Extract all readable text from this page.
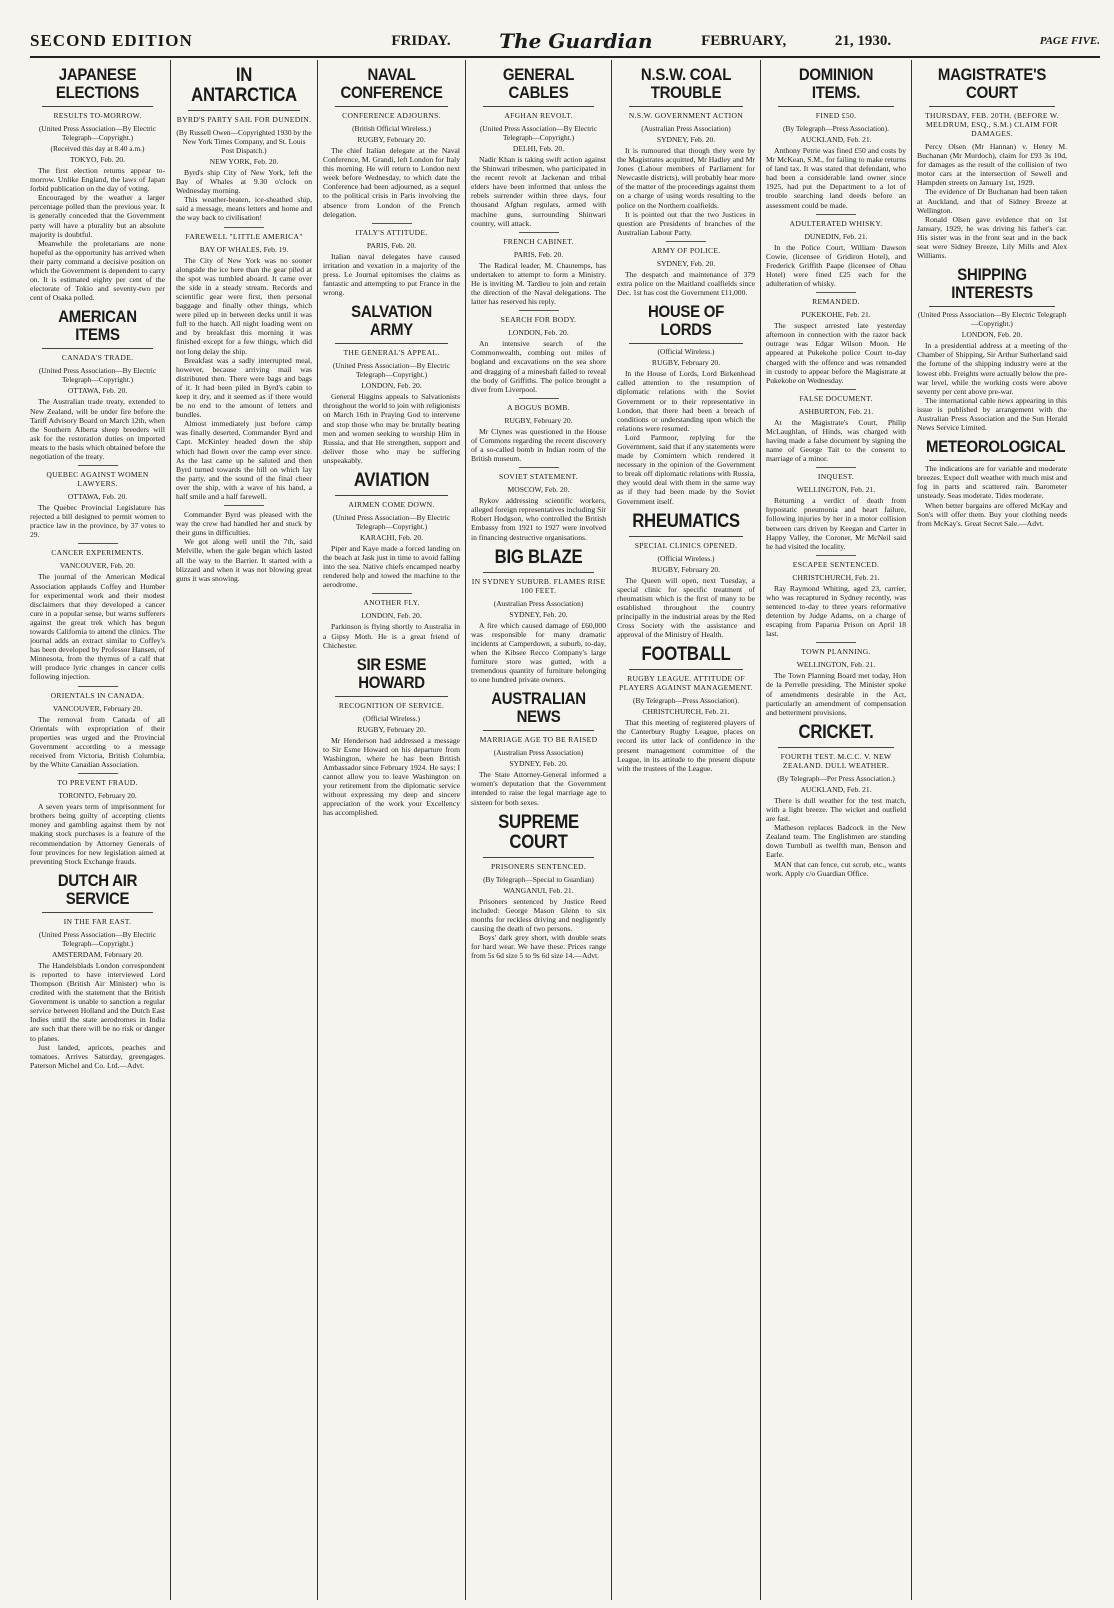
SECOND EDITION	FRIDAY. The Guardian	FEBRUARY,	21, 1930.	PAGE FIVE.
JAPANESE ELECTIONS
RESULTS TO-MORROW.
(United Press Association—By Electric Telegraph—Copyright.)
(Received this day at 8.40 a.m.)
TOKYO, Feb. 20.

The first election returns appear to-morrow. Unlike England, the laws of Japan forbid publication on the day of voting.

Encouraged by the weather a larger percentage polled than the previous year. It is generally conceded that the Government party will have a plurality but an absolute majority is doubtful.

Meanwhile the proletarians are none hopeful as the opportunity has arrived when their party command a decisive position on which the Government is dependent to carry on. It is estimated eighty per cent of the electorate of Tokio and seventy-two per cent of Osaka polled.

AMERICAN ITEMS
CANADA'S TRADE.
(United Press Association—By Electric Telegraph—Copyright.)
OTTAWA, Feb. 20.

The Australian trade treaty, extended to New Zealand, will be under fire before the Tariff Advisory Board on March 12th, when the Southern Alberta sheep breeders will ask for the restoration duties on imported meats to the basis which obtained before the negotiation of the treaty.

QUEBEC AGAINST WOMEN LAWYERS.
OTTAWA, Feb. 20.

The Quebec Provincial Legislature has rejected a bill designed to permit women to practice law in the province, by 37 votes to 29.

CANCER EXPERIMENTS.
VANCOUVER, Feb. 20.

The journal of the American Medical Association applauds Coffey and Humber for experimental work and their modest disclaimers that they developed a cancer cure in a popular sense, but warns sufferers against the great trek which has begun towards California to attend the clinics. The journal adds an extract similar to Coffey's has been developed by Professor Hansen, of Minnesota, from the thymus of a calf that will produce lyric changes in cancer cells following injection.

ORIENTALS IN CANADA.
VANCOUVER, February 20.

The removal from Canada of all Orientals with expropriation of their properties was urged and the Provincial Government according to a message received from Victoria, British Columbia, by the White Canadian Association.

TO PREVENT FRAUD.
TORONTO, February 20.

A seven years term of imprisonment for brothers being guilty of accepting clients money and gambling against them by not making stock purchases is a feature of the recommendation by Attorney Generals of four provinces for new legislation aimed at preventing Stock Exchange frauds.

DUTCH AIR SERVICE
IN THE FAR EAST.
(United Press Association—By Electric Telegraph—Copyright.)
AMSTERDAM, February 20.

The Handelsblads London correspondent is reported to have interviewed Lord Thompson (British Air Minister) who is credited with the statement that the British Government is unable to sanction a regular service between Holland and the Dutch East Indies until the state aerodromes in India are such that there will be no risk or danger to planes.

Just landed, apricots, peaches and tomatoes. Arrives Saturday, greengages. Paterson Michel and Co. Ltd.—Advt.

IN ANTARCTICA
BYRD'S PARTY SAIL FOR DUNEDIN.
(By Russell Owen—Copyrighted 1930 by the New York Times Company, and St. Louis Post Dispatch.)
NEW YORK, Feb. 20.

Byrd's ship City of New York, left the Bay of Whales at 9.30 o'clock on Wednesday morning.

This weather-beaten, ice-sheathed ship, said a message, means letters and home and the way back to civilisation!

FAREWELL "LITTLE AMERICA"
BAY OF WHALES, Feb. 19.

The City of New York was no sooner alongside the ice here than the gear piled at the spot was tumbled aboard. It came over the side in a steady stream. Records and scientific gear were first, then personal baggage and finally other things, which were piled up in between decks until it was full to the hatch. All night loading went on and by breakfast this morning it was finished except for a few things, which did not long delay the ship.

Breakfast was a sadly interrupted meal, however, because arriving mail was distributed then. There were bags and bags of it. It had been piled in Byrd's cabin to keep it dry, and it seemed as if there would be no end to the amount of letters and bundles.

Almost immediately just before camp was finally deserted, Commander Byrd and Capt. McKinley headed down the ship which had flown over the camp ever since. As the last came up he saluted and then Byrd turned towards the hill on which lay the party, and the sound of the final cheer over the ship, with a wave of his hand, a half smile and a half farewell.

Commander Byrd was pleased with the way the crew had handled her and stuck by their guns in difficulties.

We got along well until the 7th, said Melville, when the gale began which lasted all the way to the Barrier. It started with a blizzard and when it was not blowing great guns it was snowing.

NAVAL CONFERENCE
CONFERENCE ADJOURNS.
(British Official Wireless.)
RUGBY, February 20.

The chief Italian delegate at the Naval Conference, M. Grandi, left London for Italy this morning. He will return to London next week before Wednesday, to which date the Conference had been adjourned, as a sequel to the political crisis in Paris involving the absence from London of the French delegation.

ITALY'S ATTITUDE.
PARIS, Feb. 20.

Italian naval delegates have caused irritation and vexation in a majority of the press. Le Journal epitomises the claims as fantastic and attempting to put France in the wrong.

SALVATION ARMY
THE GENERAL'S APPEAL.
(United Press Association—By Electric Telegraph—Copyright.)
LONDON, Feb. 20.

General Higgins appeals to Salvationists throughout the world to join with religionists on March 16th in Praying God to intervene and stop those who may be brutally beating men and women seeking to worship Him in Russia, and that He strengthen, support and deliver those who may be suffering unspeakably.

AVIATION
AIRMEN COME DOWN.
(United Press Association—By Electric Telegraph—Copyright.)
KARACHI, Feb. 20.

Piper and Kaye made a forced landing on the beach at Jask just in time to avoid falling into the sea. Native chiefs encamped nearby rendered help and towed the machine to the aerodrome.

ANOTHER FLY.
LONDON, Feb. 20.

Parkinson is flying shortly to Australia in a Gipsy Moth. He is a great friend of Chichester.

SIR ESME HOWARD
RECOGNITION OF SERVICE.
(Official Wireless.)
RUGBY, February 20.

Mr Henderson had addressed a message to Sir Esme Howard on his departure from Washington, where he has been British Ambassador since February 1924. He says: I cannot allow you to leave Washington on your retirement from the diplomatic service without expressing my deep and sincere appreciation of the work your Excellency has accomplished.

GENERAL CABLES
AFGHAN REVOLT.
(United Press Association—By Electric Telegraph—Copyright.)
DELHI, Feb. 20.

Nadir Khan is taking swift action against the Shinwari tribesmen, who participated in the recent revolt at Jackenan and tribal elders have been informed that unless the rebels surrender within three days, four thousand Afghan regulars, armed with machine guns, surrounding Shinwari country, will attack.

FRENCH CABINET.
PARIS, Feb. 20.

The Radical leader, M. Chautemps, has undertaken to attempt to form a Ministry. He is inviting M. Tardieu to join and retain the direction of the Naval delegations. The latter has reserved his reply.

SEARCH FOR BODY.
LONDON, Feb. 20.

An intensive search of the Commonwealth, combing out miles of bogland and excavations on the sea shore and dragging of a mineshaft failed to reveal the body of Griffiths. The police brought a diver from Liverpool.

A BOGUS BOMB.
RUGBY, February 20.

Mr Clynes was questioned in the House of Commons regarding the recent discovery of a so-called bomb in Indian room of the British museum.

SOVIET STATEMENT.
MOSCOW, Feb. 20.

Rykov addressing scientific workers, alleged foreign representatives including Sir Robert Hodgson, who controlled the British Embassy from 1921 to 1927 were involved in financing destructive organisations.

BIG BLAZE
IN SYDNEY SUBURB. FLAMES RISE 100 FEET.
(Australian Press Association)
SYDNEY, Feb. 20.

A fire which caused damage of £60,000 was responsible for many dramatic incidents at Camperdown, a suburb, to-day, when the Kibsee Recco Company's large furniture store was gutted, with a tremendous quantity of furniture belonging to one hundred private owners.

AUSTRALIAN NEWS
MARRIAGE AGE TO BE RAISED
(Australian Press Association)
SYDNEY, Feb. 20.

The State Attorney-General informed a women's deputation that the Government intended to raise the legal marriage age to sixteen for both sexes.

SUPREME COURT
PRISONERS SENTENCED.
(By Telegraph—Special to Guardian)
WANGANUI, Feb. 21.

Prisoners sentenced by Justice Reed included: George Mason Glenn to six months for reckless driving and negligently causing the death of two persons.

Boys' dark grey short, with double seats for hard wear. We have these. Prices range from 5s 6d size 5 to 9s 6d size 14.—Advt.

N.S.W. COAL TROUBLE
N.S.W. GOVERNMENT ACTION
(Australian Press Association)
SYDNEY, Feb. 20.

It is rumoured that though they were by the Magistrates acquitted, Mr Hadley and Mr Jones (Labour members of Parliament for Newcastle districts), will probably hear more of the matter of the proceedings against them on a charge of using words resulting to the police on the Northern coalfields.

It is pointed out that the two Justices in question are Presidents of branches of the Australian Labour Party.

ARMY OF POLICE.
SYDNEY, Feb. 20.

The despatch and maintenance of 379 extra police on the Maitland coalfields since Dec. 1st has cost the Government £11,000.

HOUSE OF LORDS
(Official Wireless.)
RUGBY, February 20.

In the House of Lords, Lord Birkenhead called attention to the resumption of diplomatic relations with the Soviet Government or to their representative in London, that there had been a breach of conditions or understanding upon which the relations were resumed.

Lord Parmoor, replying for the Government, said that if any statements were made by Comintern which rendered it necessary in the opinion of the Government to break off diplomatic relations with Russia, they would deal with them in the same way as if they had been made by the Soviet Government itself.

RHEUMATICS
SPECIAL CLINICS OPENED.
(Official Wireless.)
RUGBY, February 20.

The Queen will open, next Tuesday, a special clinic for specific treatment of rheumatism which is the first of many to be established throughout the country principally in the industrial areas by the Red Cross Society with the assistance and approval of the Ministry of Health.

FOOTBALL
RUGBY LEAGUE. ATTITUDE OF PLAYERS AGAINST MANAGEMENT.
(By Telegraph—Press Association).
CHRISTCHURCH, Feb. 21.

That this meeting of registered players of the Canterbury Rugby League, places on record its utter lack of confidence in the present management committee of the League, in its attitude to the present dispute with the trustees of the League.

DOMINION ITEMS.
FINED £50.
(By Telegraph—Press Association).
AUCKLAND, Feb. 21.

Anthony Petrie was fined £50 and costs by Mr McKean, S.M., for failing to make returns of land tax. It was stated that defendant, who had been a considerable land owner since 1925, had put the Department to a lot of trouble searching land deeds before an assessment could be made.

ADULTERATED WHISKY.
DUNEDIN, Feb. 21.

In the Police Court, William Dawson Cowie, (licensee of Gridiron Hotel), and Frederick Griffith Paape (licensee of Ohau Hotel) were fined £25 each for the adulteration of whisky.

REMANDED.
PUKEKOHE, Feb. 21.

The suspect arrested late yesterday afternoon in connection with the razor back outrage was Edgar Wilson Moon. He appeared at Pukekohe police Court to-day charged with the offence and was remanded in custody to appear before the Magistrate at Pukekohe on Wednesday.

FALSE DOCUMENT.
ASHBURTON, Feb. 21.

At the Magistrate's Court, Philip McLaughlan, of Hinds, was charged with having made a false document by signing the name of George Tait to the consent to marriage of a minor.

INQUEST.
WELLINGTON, Feb. 21.

Returning a verdict of death from hypostatic pneumonia and heart failure, following injuries by her in a motor collision between cars driven by Keegan and Carter in Happy Valley, the Coroner, Mr McNeil said he had visited the locality.

ESCAPEE SENTENCED.
CHRISTCHURCH, Feb. 21.

Ray Raymond Whiting, aged 23, carrier, who was recaptured in Sydney recently, was sentenced to-day to three years reformative detention by Judge Adams, on a charge of escaping from Paparua Prison on April 18 last.

TOWN PLANNING.
WELLINGTON, Feb. 21.

The Town Planning Board met today, Hon de la Perrelle presiding. The Minister spoke of amendments desirable in the Act, particularly an amendment of compensation and betterment provisions.

CRICKET.
FOURTH TEST. M.C.C. V. NEW ZEALAND. DULL WEATHER.
(By Telegraph—Per Press Association.)
AUCKLAND, Feb. 21.

There is dull weather for the test match, with a light breeze. The wicket and outfield are fast.

Matheson replaces Badcock in the New Zealand team. The Englishmen are standing down Turnbull as twelfth man, Benson and Earle.

MAN that can fence, cut scrub, etc., wants work. Apply c/o Guardian Office.

MAGISTRATE'S COURT
THURSDAY, FEB. 20TH. (BEFORE W. MELDRUM, ESQ., S.M.) CLAIM FOR DAMAGES.

Percy Olsen (Mr Hannan) v. Henry M. Buchanan (Mr Murdoch), claim for £93 3s 10d, for damages as the result of the collision of two motor cars at the intersection of Sewell and Hampden streets on January 1st, 1929.

The evidence of Dr Buchanan had been taken at Auckland, and that of Sidney Breeze at Wellington.

Ronald Olsen gave evidence that on 1st January, 1929, he was driving his father's car. His sister was in the front seat and in the back seat were Sidney Breeze, Lily Mills and Alex Williams.

SHIPPING INTERESTS
(United Press Association—By Electric Telegraph—Copyright.)
LONDON, Feb. 20.

In a presidential address at a meeting of the Chamber of Shipping, Sir Arthur Sutherland said the fortune of the shipping industry were at the lowest ebb. Freights were actually below the pre-war level, while the working costs were above seventy per cent above pre-war.

The international cable news appearing in this issue is published by arrangement with the Australian Press Association and the Sun Herald News Service Limited.

METEOROLOGICAL

The indications are for variable and moderate breezes. Expect dull weather with much mist and fog in parts and scattered rain. Barometer unsteady. Seas moderate. Tides moderate.

When better bargains are offered McKay and Son's will offer them. Buy your clothing needs from McKay's. Great Secret Sale.—Advt.
